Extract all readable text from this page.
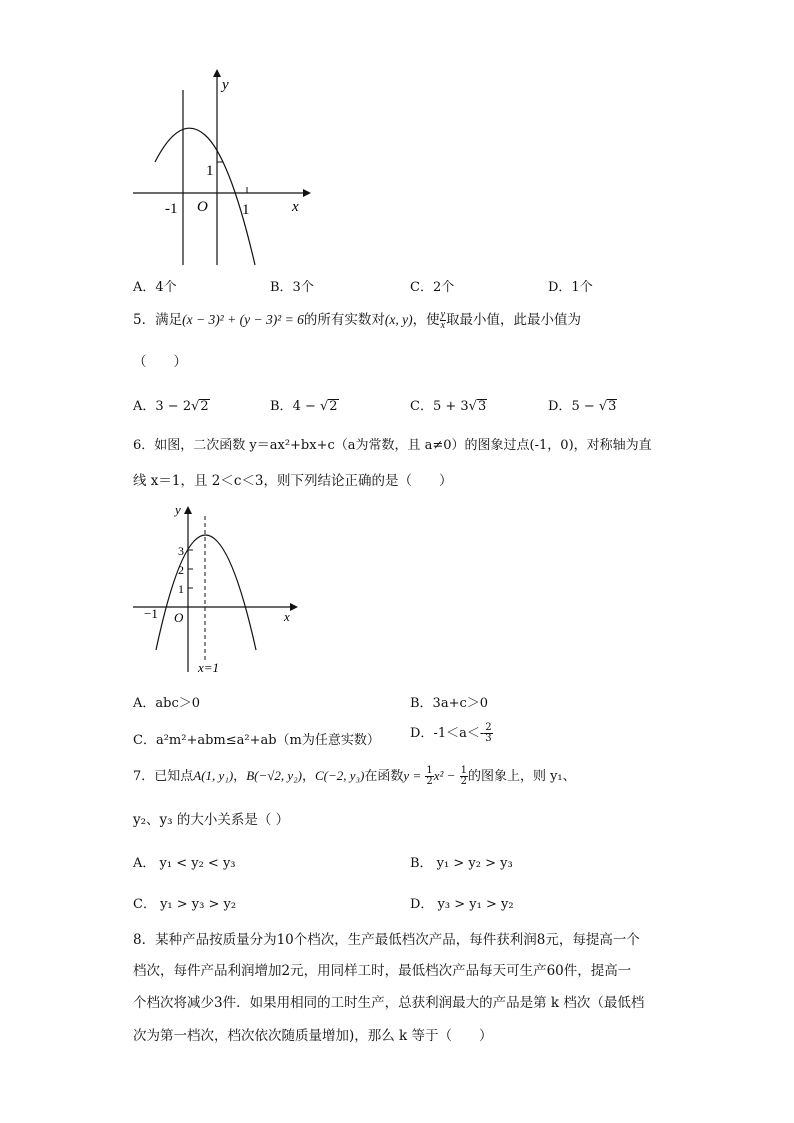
y
x
O
-1	1
1
A．4个	B．3个	C．2个	D．1个
5．满足(x − 3)² + (y − 3)² = 6的所有实数对(x, y)，使 $\frac{y}{x}$ 取最小值，此最小值为
（　　）
A．3 − 2√2	B．4 − √2	C．5 + 3√3	D．5 − √3
6．如图，二次函数 y＝ax²+bx+c（a为常数，且 a≠0）的图象过点(-1，0)，对称轴为直
线 x＝1，且 2＜c＜3，则下列结论正确的是（　　）
y
x
O
−1
1
2
3
x=1
A．abc＞0	B．3a+c＞0
C．a²m²+abm≤a²+ab（m为任意实数） D．$-1<a<- \frac{2}{3}$
7．已知点A(1, y₁)，B(−√2, y₂)，C(−2, y₃)在函数$y = \frac{1}{2} x^2 - \frac{1}{2}$ 的图象上，则 y₁、
y₂、y₃ 的大小关系是（ ）
A． y₁ < y₂ < y₃	B． y₁ > y₂ > y₃
C． y₁ > y₃ > y₂	D． y₃ > y₁ > y₂
8．某种产品按质量分为10个档次，生产最低档次产品，每件获利润8元，每提高一个
档次，每件产品利润增加2元，用同样工时，最低档次产品每天可生产60件，提高一
个档次将减少3件．如果用相同的工时生产，总获利润最大的产品是第 k 档次（最低档
次为第一档次，档次依次随质量增加)，那么 k 等于（　　）
